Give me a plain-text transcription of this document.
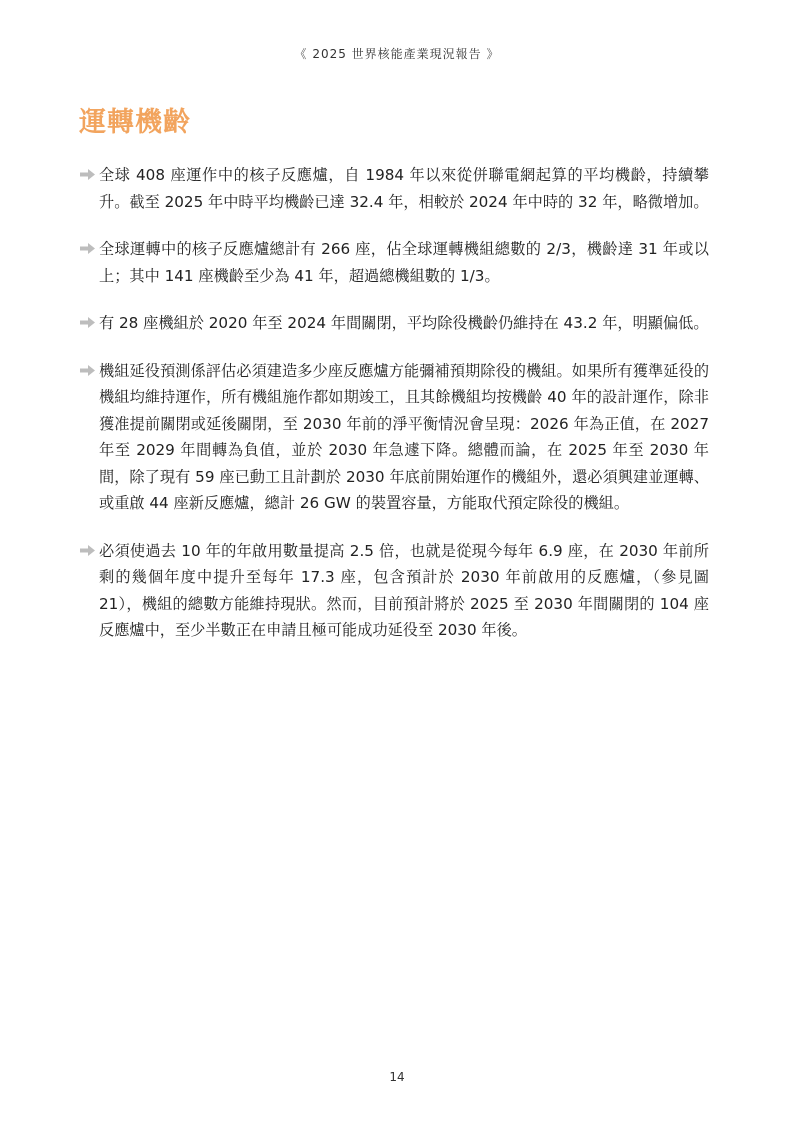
《 2025 世界核能產業現況報告 》
運轉機齡
全球 408 座運作中的核子反應爐，自 1984 年以來從併聯電網起算的平均機齡，持續攀升。截至 2025 年中時平均機齡已達 32.4 年，相較於 2024 年中時的 32 年，略微增加。
全球運轉中的核子反應爐總計有 266 座，佔全球運轉機組總數的 2/3，機齡達 31 年或以上；其中 141 座機齡至少為 41 年，超過總機組數的 1/3。
有 28 座機組於 2020 年至 2024 年間關閉，平均除役機齡仍維持在 43.2 年，明顯偏低。
機組延役預測係評估必須建造多少座反應爐方能彌補預期除役的機組。如果所有獲準延役的機組均維持運作，所有機組施作都如期竣工，且其餘機組均按機齡 40 年的設計運作，除非獲准提前關閉或延後關閉，至 2030 年前的淨平衡情況會呈現：2026 年為正值，在 2027 年至 2029 年間轉為負值，並於 2030 年急遽下降。總體而論，在 2025 年至 2030 年間，除了現有 59 座已動工且計劃於 2030 年底前開始運作的機組外，還必須興建並運轉、或重啟 44 座新反應爐，總計 26 GW 的裝置容量，方能取代預定除役的機組。
必須使過去 10 年的年啟用數量提高 2.5 倍，也就是從現今每年 6.9 座，在 2030 年前所剩的幾個年度中提升至每年 17.3 座，包含預計於 2030 年前啟用的反應爐，（參見圖 21），機組的總數方能維持現狀。然而，目前預計將於 2025 至 2030 年間關閉的 104 座反應爐中，至少半數正在申請且極可能成功延役至 2030 年後。
14
